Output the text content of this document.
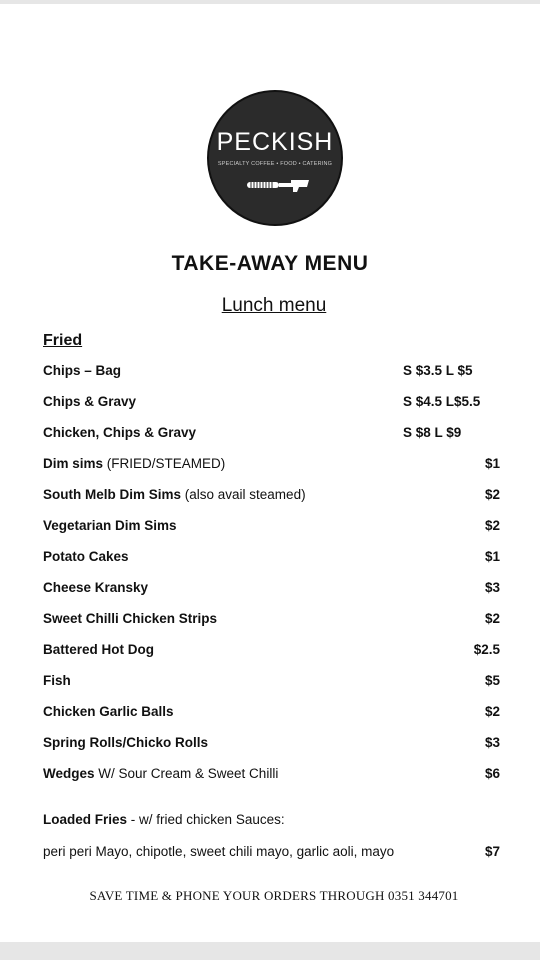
PECKISH
SPECIALTY COFFEE • FOOD • CATERING
TAKE-AWAY MENU
Lunch menu
Fried
Chips – Bag	S $3.5 L $5
Chips & Gravy	S $4.5 L$5.5
Chicken, Chips & Gravy	S $8 L $9
Dim sims (FRIED/STEAMED)	$1
South Melb Dim Sims (also avail steamed)	$2
Vegetarian Dim Sims	$2
Potato Cakes	$1
Cheese Kransky	$3
Sweet Chilli Chicken Strips	$2
Battered Hot Dog	$2.5
Fish	$5
Chicken Garlic Balls	$2
Spring Rolls/Chicko Rolls	$3
Wedges W/ Sour Cream & Sweet Chilli	$6
Loaded Fries - w/ fried chicken Sauces:
peri peri Mayo, chipotle, sweet chili mayo, garlic aoli, mayo	$7
SAVE TIME & PHONE YOUR ORDERS THROUGH 0351 344701
